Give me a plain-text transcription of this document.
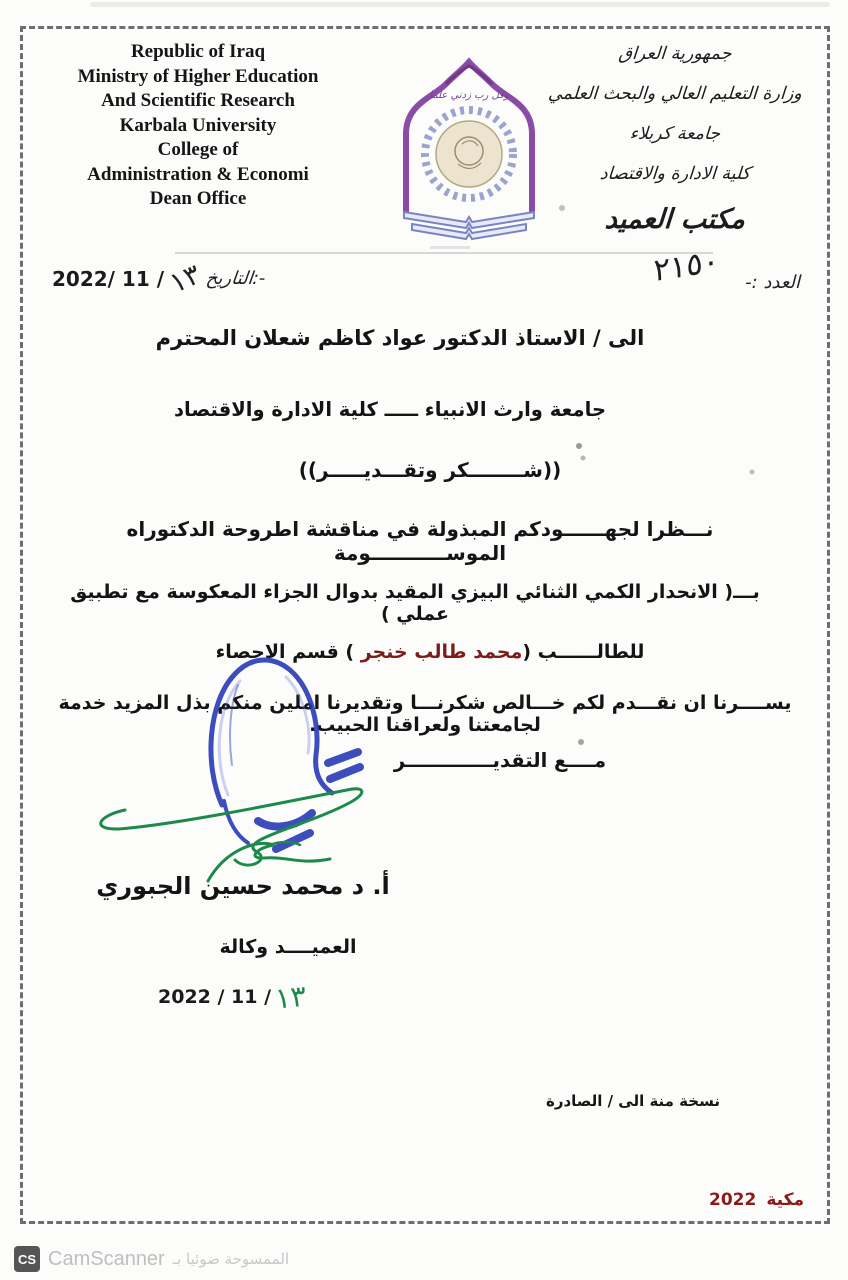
Republic of Iraq
Ministry of Higher Education
And Scientific Research
Karbala University
College of
Administration & Economi
Dean Office
وقل رب زدني علما
جمهورية العراق
وزارة التعليم العالي والبحث العلمي
جامعة كربلاء
كلية الادارة والاقتصاد
مكتب العميد
العدد :-
٢١٥٠
2022/ 11 / ١٣ التاريخ:-
الى / الاستاذ الدكتور عواد كاظم شعلان المحترم
جامعة وارث الانبياء ـــــ كلية الادارة والاقتصاد
((شــــــــكر وتقـــديـــــر))
نـــظرا لجهــــــودكم المبذولة في مناقشة اطروحة الدكتوراه الموســـــــــــومة
بـــ( الانحدار الكمي الثنائي البيزي المقيد بدوال الجزاء المعكوسة مع تطبيق عملي )
للطالــــــب (محمد طالب خنجر ) قسم الاحصاء
يســــرنا ان نقـــدم لكم خـــالص شكرنـــا وتقديرنا املين منكم بذل المزيد خدمة لجامعتنا ولعراقنا الحبيب.
مــــع التقديـــــــــــــر
أ. د محمد حسين الجبوري
العميــــد وكالة
2022 / 11 / ١٣
نسخة منة الى / الصادرة
مكية
2022
CS CamScanner الممسوحة ضوئيا بـ
